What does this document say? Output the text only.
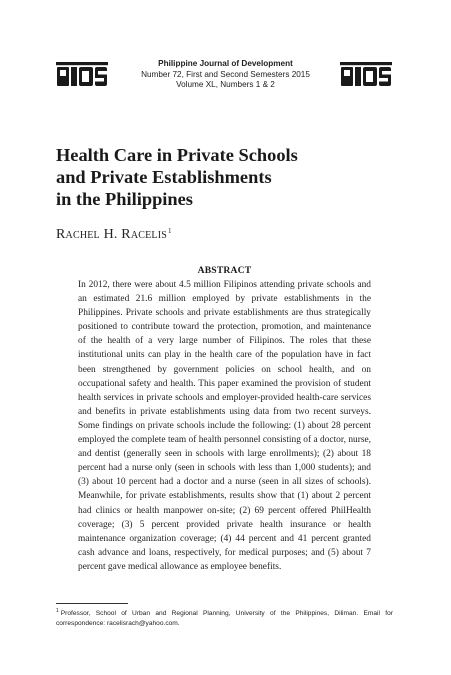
Philippine Journal of Development
Number 72, First and Second Semesters 2015
Volume XL, Numbers 1 & 2
Health Care in Private Schools
and Private Establishments
in the Philippines
Rachel H. Racelis$^1$
ABSTRACT

In 2012, there were about 4.5 million Filipinos attending private schools and an estimated 21.6 million employed by private establishments in the Philippines. Private schools and private establishments are thus strategically positioned to contribute toward the protection, promotion, and maintenance of the health of a very large number of Filipinos. The roles that these institutional units can play in the health care of the population have in fact been strengthened by government policies on school health, and on occupational safety and health. This paper examined the provision of student health services in private schools and employer-provided health-care services and benefits in private establishments using data from two recent surveys. Some findings on private schools include the following: (1) about 28 percent employed the complete team of health personnel consisting of a doctor, nurse, and dentist (generally seen in schools with large enrollments); (2) about 18 percent had a nurse only (seen in schools with less than 1,000 students); and (3) about 10 percent had a doctor and a nurse (seen in all sizes of schools). Meanwhile, for private establishments, results show that (1) about 2 percent had clinics or health manpower on-site; (2) 69 percent offered PhilHealth coverage; (3) 5 percent provided private health insurance or health maintenance organization coverage; (4) 44 percent and 41 percent granted cash advance and loans, respectively, for medical purposes; and (5) about 7 percent gave medical allowance as employee benefits.

$^1$ Professor, School of Urban and Regional Planning, University of the Philippines, Diliman. Email for correspondence: racelisrach@yahoo.com.
